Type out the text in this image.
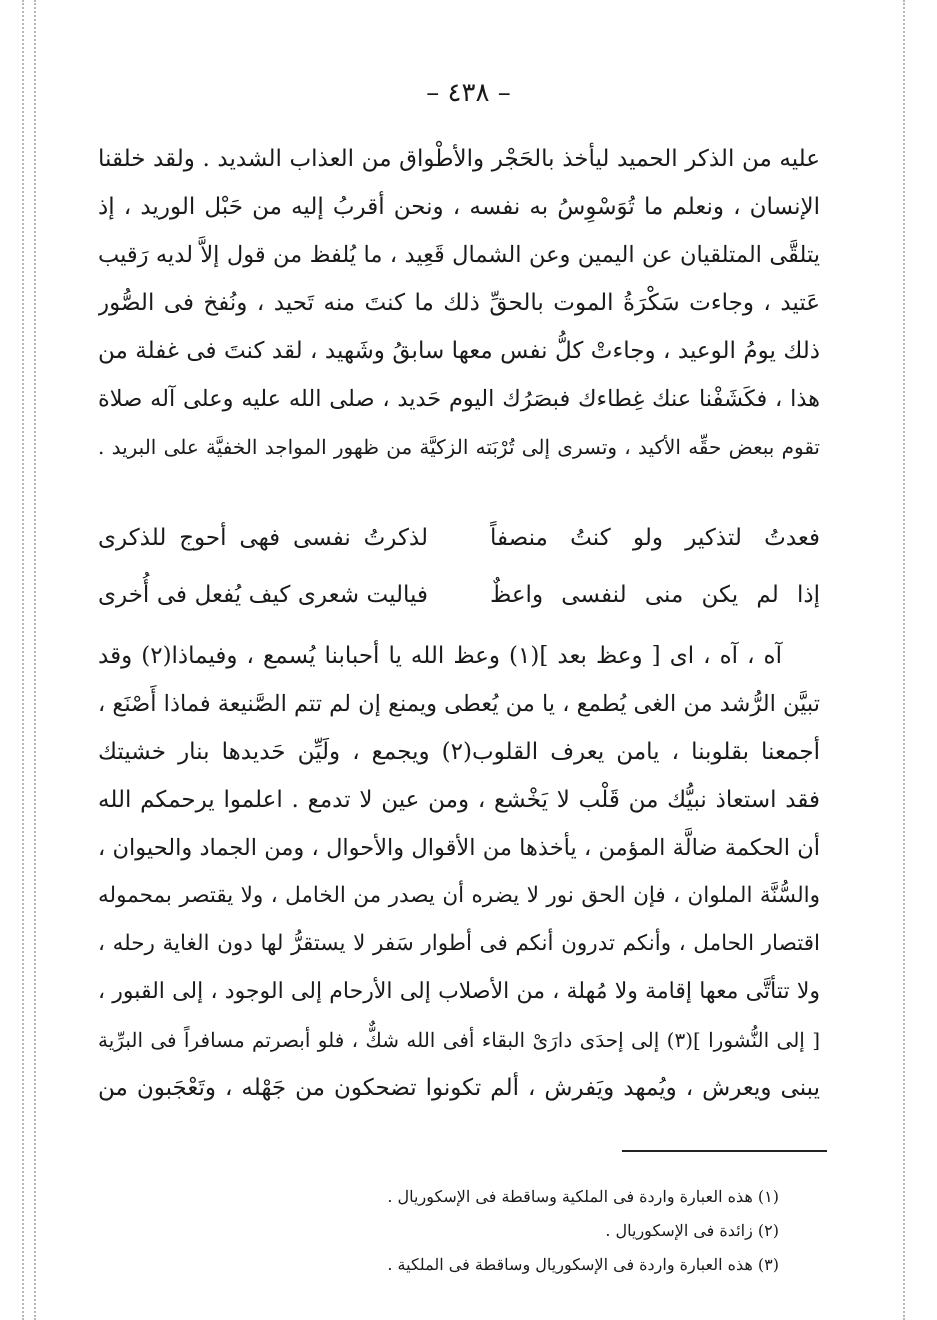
– ٤٣٨ –
عليه من الذكر الحميد ليأخذ بالحَجْر والأطْواق من العذاب الشديد . ولقد خلقنا
الإنسان ، ونعلم ما تُوَسْوِسُ به نفسه ، ونحن أقربُ إليه من حَبْل الوريد ، إذ
يتلقَّى المتلقيان عن اليمين وعن الشمال قَعِيد ، ما يُلفظ من قول إلاَّ لديه رَقيب
عَتيد ، وجاءت سَكْرَةُ الموت بالحقِّ ذلك ما كنتَ منه تَحيد ، ونُفخ فى الصُّور
ذلك يومُ الوعيد ، وجاءتْ كلُّ نفس معها سابقُ وشَهيد ، لقد كنتَ فى غفلة من
هذا ، فكَشَفْنا عنك غِطاءك فبصَرُك اليوم حَديد ، صلى الله عليه وعلى آله صلاة
تقوم ببعض حقِّه الأكيد ، وتسرى إلى تُرْبَته الزكيَّة من ظهور المواجد الخفيَّة على البريد .
فعدتُ لتذكير ولو كنتُ منصفاً
لذكرتُ نفسى فهى أحوج للذكرى
إذا لم يكن منى لنفسى واعظٌ
فياليت شعرى كيف يُفعل فى أُخرى
آه ، آه ، اى [ وعظ بعد ](١) وعظ الله يا أحبابنا يُسمع ، وفيماذا(٢) وقد
تبيَّن الرُّشد من الغى يُطمع ، يا من يُعطى ويمنع إن لم تتم الصَّنيعة فماذا أَصْنَع ،
أجمعنا بقلوبنا ، يامن يعرف القلوب(٢) ويجمع ، ولَيِّن حَديدها بنار خشيتك
فقد استعاذ نبيُّك من قَلْب لا يَخْشع ، ومن عين لا تدمع . اعلموا يرحمكم الله
أن الحكمة ضالَّة المؤمن ، يأخذها من الأقوال والأحوال ، ومن الجماد والحيوان ،
والسُّنَّة الملوان ، فإن الحق نور لا يضره أن يصدر من الخامل ، ولا يقتصر بمحموله
اقتصار الحامل ، وأنكم تدرون أنكم فى أطوار سَفر لا يستقرُّ لها دون الغاية رحله ،
ولا تتأتَّى معها إقامة ولا مُهلة ، من الأصلاب إلى الأرحام إلى الوجود ، إلى القبور ،
[ إلى النُّشورا ](٣) إلى إحدَى دارَىْ البقاء أفى الله شكٌّ ، فلو أبصرتم مسافراً فى البرِّية
يبنى ويعرش ، ويُمهد ويَفرش ، ألم تكونوا تضحكون من جَهْله ، وتَعْجَبون من
(١) هذه العبارة واردة فى الملكية وساقطة فى الإسكوريال .
(٢) زائدة فى الإسكوريال .
(٣) هذه العبارة واردة فى الإسكوريال وساقطة فى الملكية .
